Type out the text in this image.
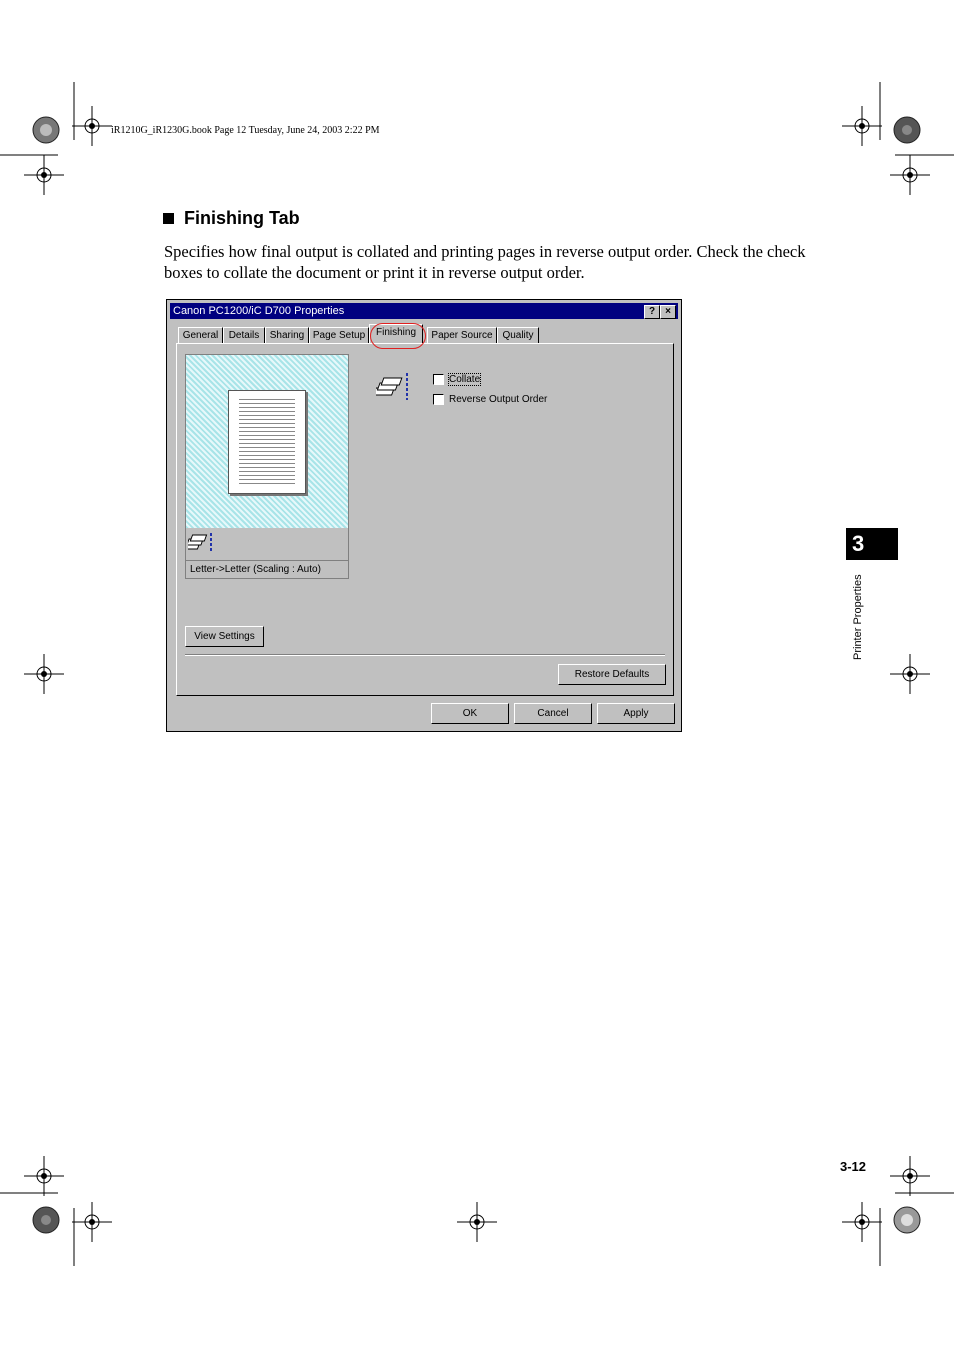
iR1210G_iR1230G.book Page 12 Tuesday, June 24, 2003 2:22 PM
Finishing Tab
Specifies how final output is collated and printing pages in reverse output order. Check the check boxes to collate the document or print it in reverse output order.
Canon PC1200/iC D700 Properties	?	×
General	Details	Sharing Page Setup	Finishing	Paper Source Quality
Letter->Letter (Scaling : Auto)
Collate
Reverse Output Order
View Settings
Restore Defaults
OK	Cancel	Apply
3
Printer Properties
3-12
